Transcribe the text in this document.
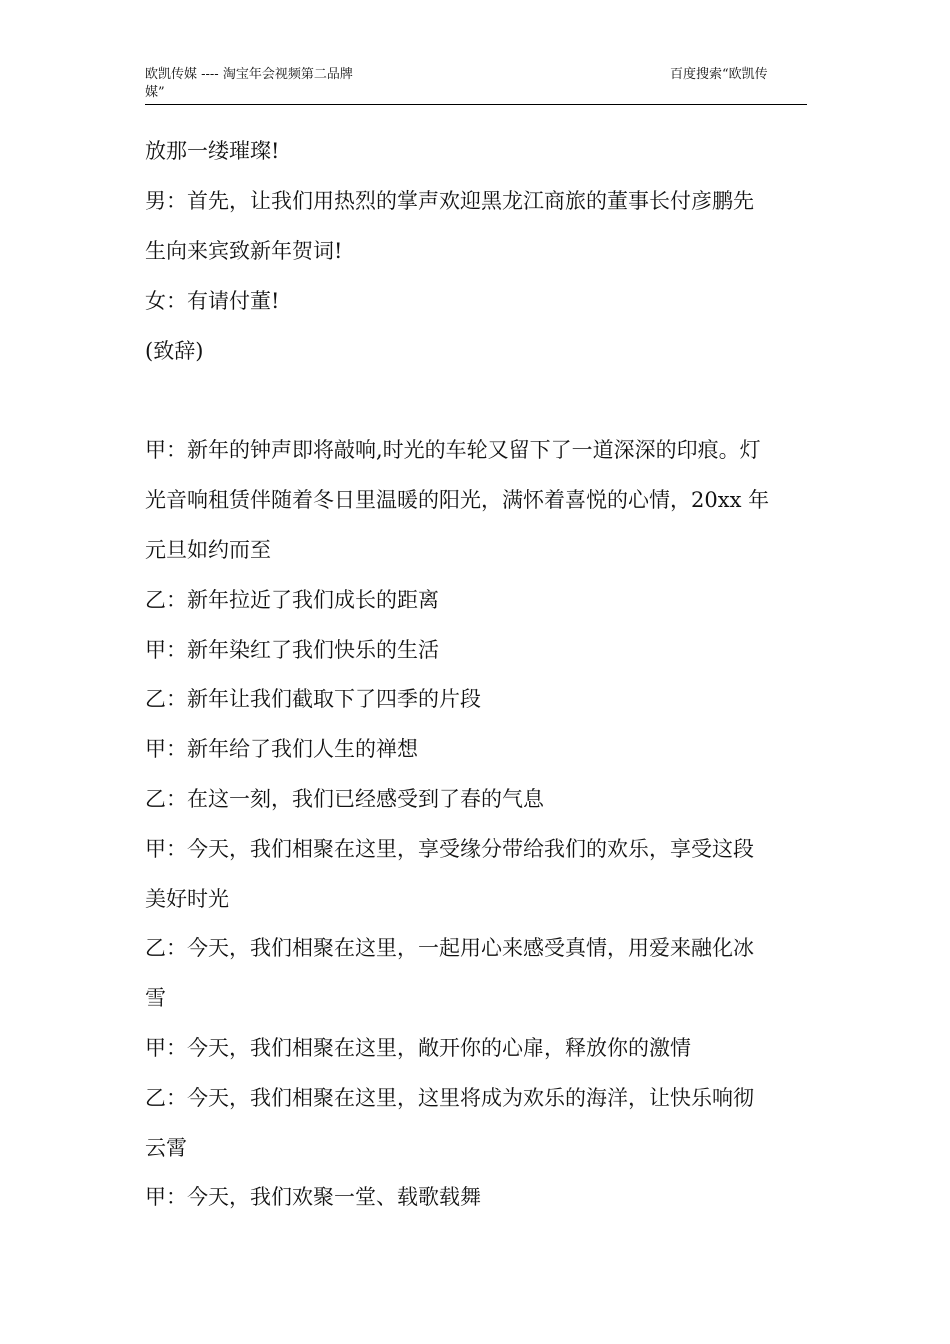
欧凯传媒 ---- 淘宝年会视频第二品牌
媒”
百度搜索“欧凯传
放那一缕璀璨!
男：首先，让我们用热烈的掌声欢迎黑龙江商旅的董事长付彦鹏先
生向来宾致新年贺词!
女：有请付董!
(致辞)
甲：新年的钟声即将敲响,时光的车轮又留下了一道深深的印痕。灯
光音响租赁伴随着冬日里温暖的阳光，满怀着喜悦的心情，20xx 年
元旦如约而至
乙：新年拉近了我们成长的距离
甲：新年染红了我们快乐的生活
乙：新年让我们截取下了四季的片段
甲：新年给了我们人生的禅想
乙：在这一刻，我们已经感受到了春的气息
甲：今天，我们相聚在这里，享受缘分带给我们的欢乐，享受这段
美好时光
乙：今天，我们相聚在这里，一起用心来感受真情，用爱来融化冰
雪
甲：今天，我们相聚在这里，敞开你的心扉，释放你的激情
乙：今天，我们相聚在这里，这里将成为欢乐的海洋，让快乐响彻
云霄
甲：今天，我们欢聚一堂、载歌载舞
